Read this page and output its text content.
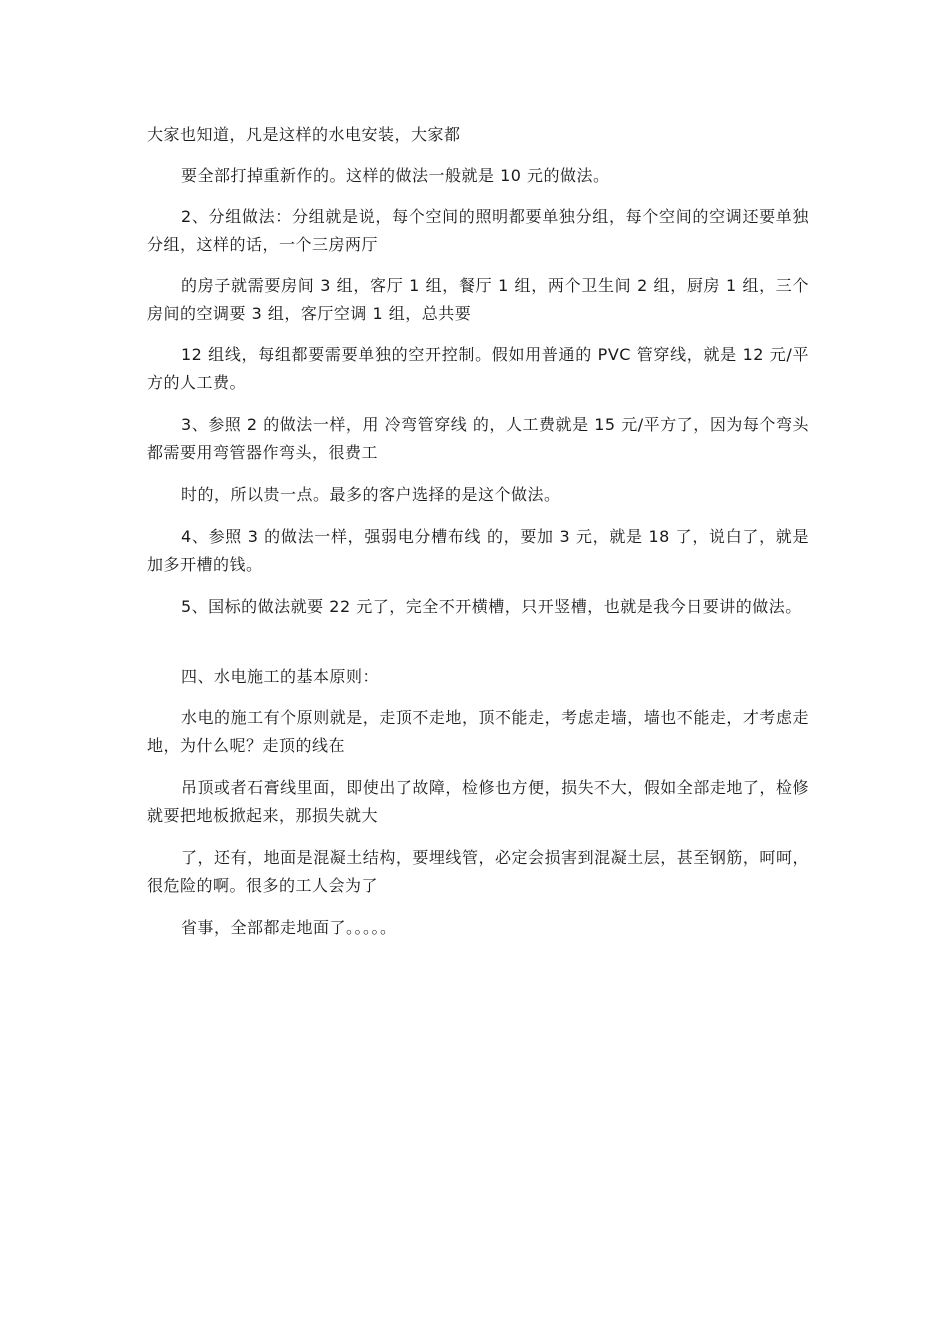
大家也知道，凡是这样的水电安装，大家都

要全部打掉重新作的。这样的做法一般就是 10 元的做法。

2、分组做法：分组就是说，每个空间的照明都要单独分组，每个空间的空调还要单独分组，这样的话，一个三房两厅

的房子就需要房间 3 组，客厅 1 组，餐厅 1 组，两个卫生间 2 组，厨房 1 组，三个房间的空调要 3 组，客厅空调 1 组，总共要

12 组线，每组都要需要单独的空开控制。假如用普通的 PVC 管穿线，就是 12 元/平方的人工费。

3、参照 2 的做法一样，用 冷弯管穿线 的，人工费就是 15 元/平方了，因为每个弯头都需要用弯管器作弯头，很费工

时的，所以贵一点。最多的客户选择的是这个做法。

4、参照 3 的做法一样，强弱电分槽布线 的，要加 3 元，就是 18 了，说白了，就是加多开槽的钱。

5、国标的做法就要 22 元了，完全不开横槽，只开竖槽，也就是我今日要讲的做法。

四、水电施工的基本原则：

水电的施工有个原则就是，走顶不走地，顶不能走，考虑走墙，墙也不能走，才考虑走地，为什么呢？走顶的线在

吊顶或者石膏线里面，即使出了故障，检修也方便，损失不大，假如全部走地了，检修就要把地板掀起来，那损失就大

了，还有，地面是混凝土结构，要埋线管，必定会损害到混凝土层，甚至钢筋，呵呵，很危险的啊。很多的工人会为了

省事，全部都走地面了。。。。。
